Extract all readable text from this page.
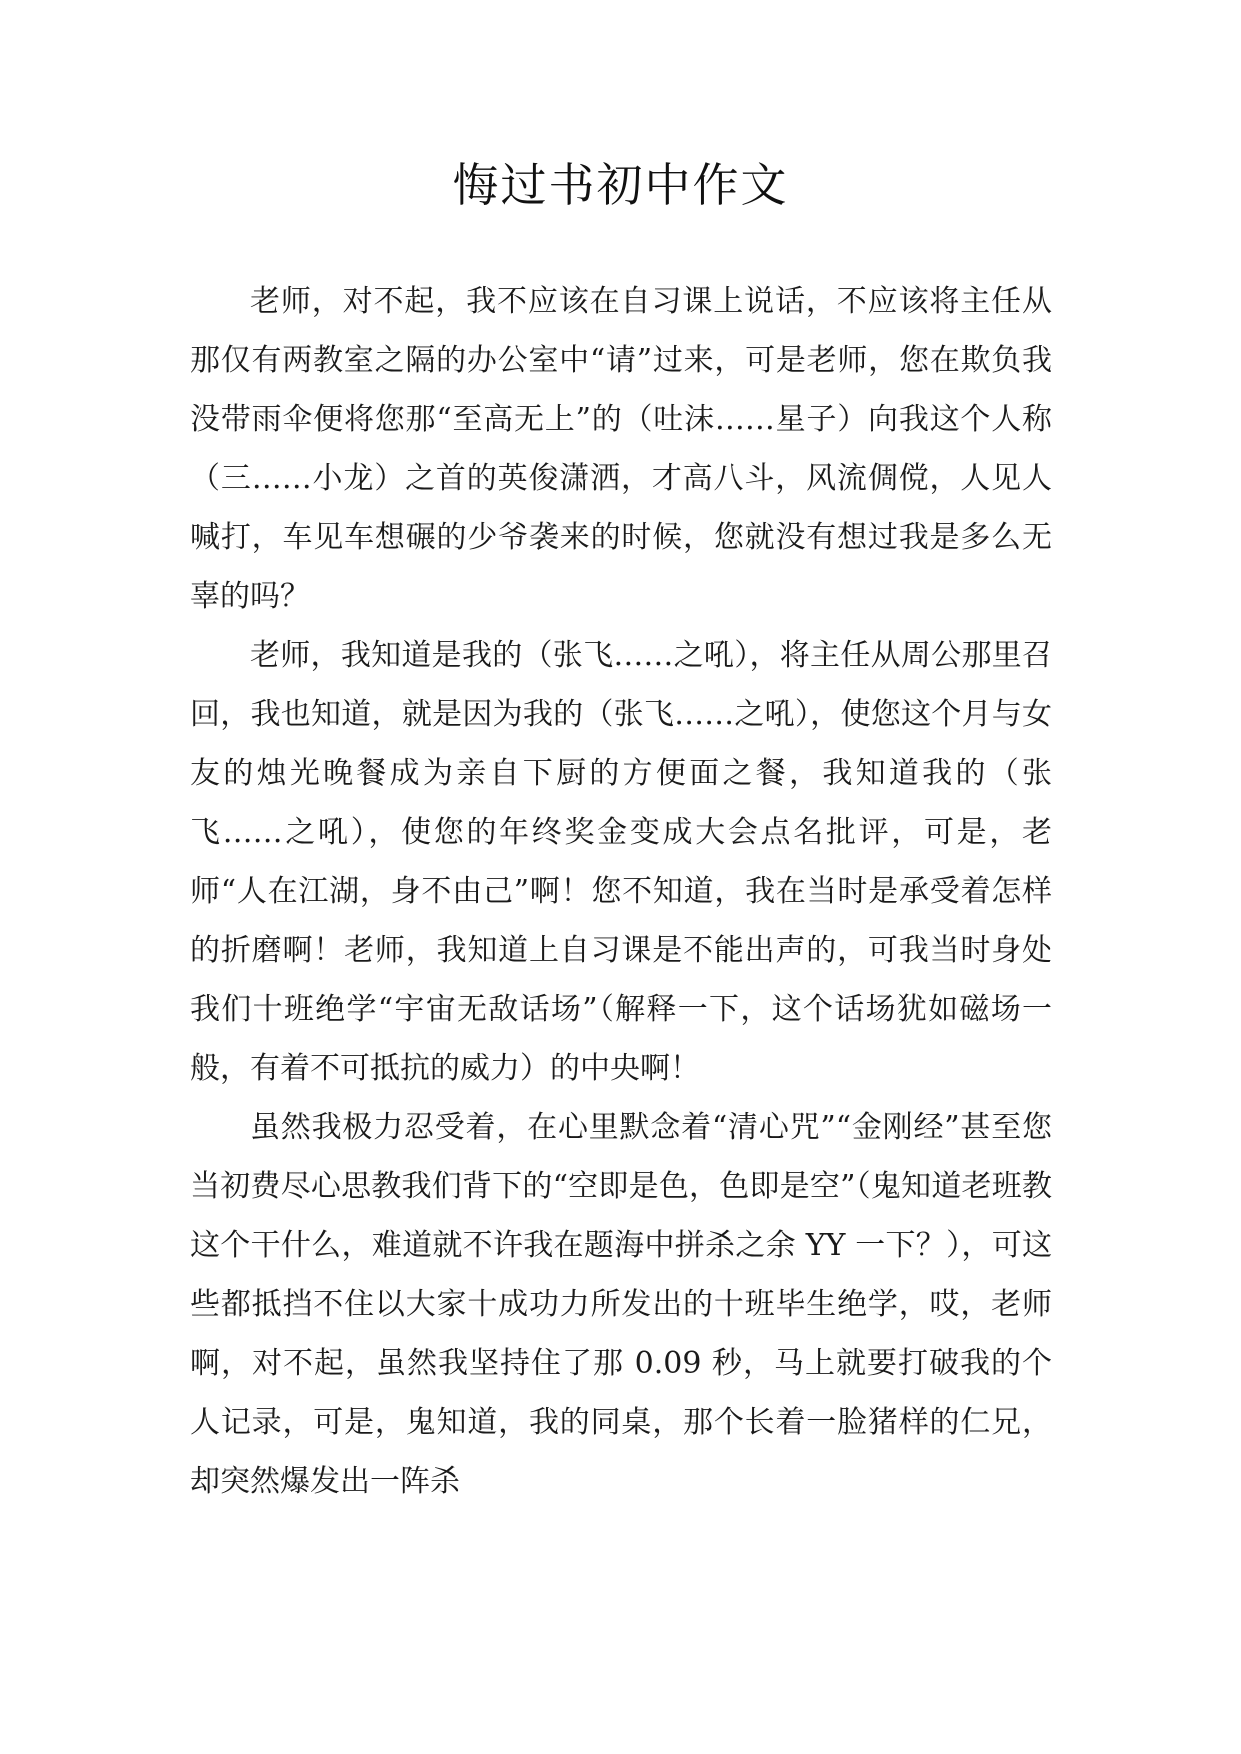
悔过书初中作文

老师，对不起，我不应该在自习课上说话，不应该将主任从那仅有两教室之隔的办公室中“请”过来，可是老师，您在欺负我没带雨伞便将您那“至高无上”的（吐沫……星子）向我这个人称（三……小龙）之首的英俊潇洒，才高八斗，风流倜傥，人见人喊打，车见车想碾的少爷袭来的时候，您就没有想过我是多么无辜的吗？

老师，我知道是我的（张飞……之吼），将主任从周公那里召回，我也知道，就是因为我的（张飞……之吼），使您这个月与女友的烛光晚餐成为亲自下厨的方便面之餐，我知道我的（张飞……之吼），使您的年终奖金变成大会点名批评，可是，老师“人在江湖，身不由己”啊！您不知道，我在当时是承受着怎样的折磨啊！老师，我知道上自习课是不能出声的，可我当时身处我们十班绝学“宇宙无敌话场”（解释一下，这个话场犹如磁场一般，有着不可抵抗的威力）的中央啊！

虽然我极力忍受着，在心里默念着“清心咒”“金刚经”甚至您当初费尽心思教我们背下的“空即是色，色即是空”（鬼知道老班教这个干什么，难道就不许我在题海中拼杀之余 YY 一下？），可这些都抵挡不住以大家十成功力所发出的十班毕生绝学，哎，老师啊，对不起，虽然我坚持住了那 0.09 秒，马上就要打破我的个人记录，可是，鬼知道，我的同桌，那个长着一脸猪样的仁兄，却突然爆发出一阵杀
